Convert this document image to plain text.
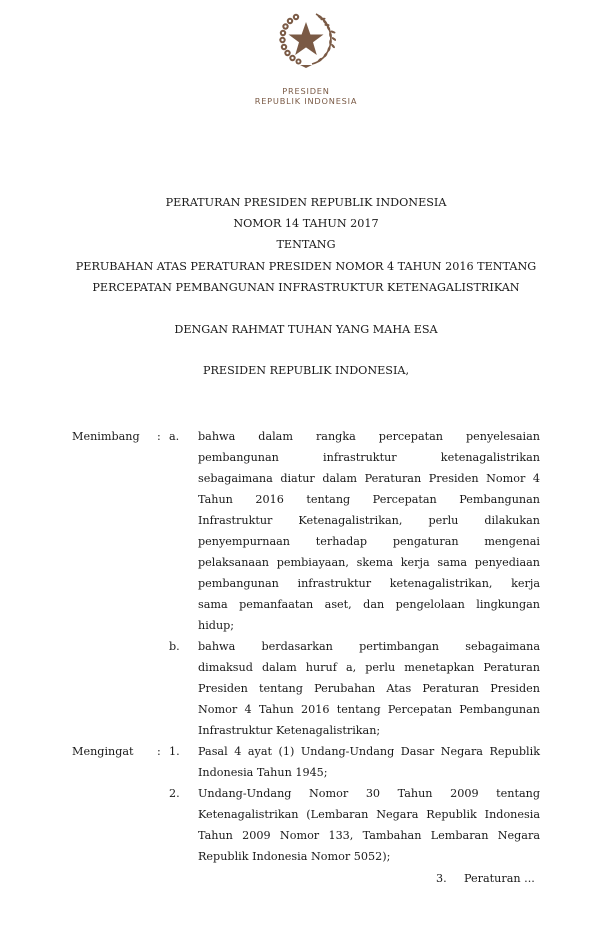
PRESIDEN
REPUBLIK INDONESIA
PERATURAN PRESIDEN REPUBLIK INDONESIA
NOMOR 14 TAHUN 2017
TENTANG
PERUBAHAN ATAS PERATURAN PRESIDEN NOMOR 4 TAHUN 2016 TENTANG
PERCEPATAN PEMBANGUNAN INFRASTRUKTUR KETENAGALISTRIKAN
DENGAN RAHMAT TUHAN YANG MAHA ESA
PRESIDEN REPUBLIK INDONESIA,
Menimbang : a. bahwa dalam rangka percepatan penyelesaian
pembangunan infrastruktur ketenagalistrikan
sebagaimana diatur dalam Peraturan Presiden Nomor 4
Tahun 2016 tentang Percepatan Pembangunan
Infrastruktur Ketenagalistrikan, perlu dilakukan
penyempurnaan terhadap pengaturan mengenai
pelaksanaan pembiayaan, skema kerja sama penyediaan
pembangunan infrastruktur ketenagalistrikan, kerja
sama pemanfaatan aset, dan pengelolaan lingkungan
hidup;
b. bahwa berdasarkan pertimbangan sebagaimana
dimaksud dalam huruf a, perlu menetapkan Peraturan
Presiden tentang Perubahan Atas Peraturan Presiden
Nomor 4 Tahun 2016 tentang Percepatan Pembangunan
Infrastruktur Ketenagalistrikan;
Mengingat : 1. Pasal 4 ayat (1) Undang-Undang Dasar Negara Republik
Indonesia Tahun 1945;
2. Undang-Undang Nomor 30 Tahun 2009 tentang
Ketenagalistrikan (Lembaran Negara Republik Indonesia
Tahun 2009 Nomor 133, Tambahan Lembaran Negara
Republik Indonesia Nomor 5052);
3. Peraturan ...
